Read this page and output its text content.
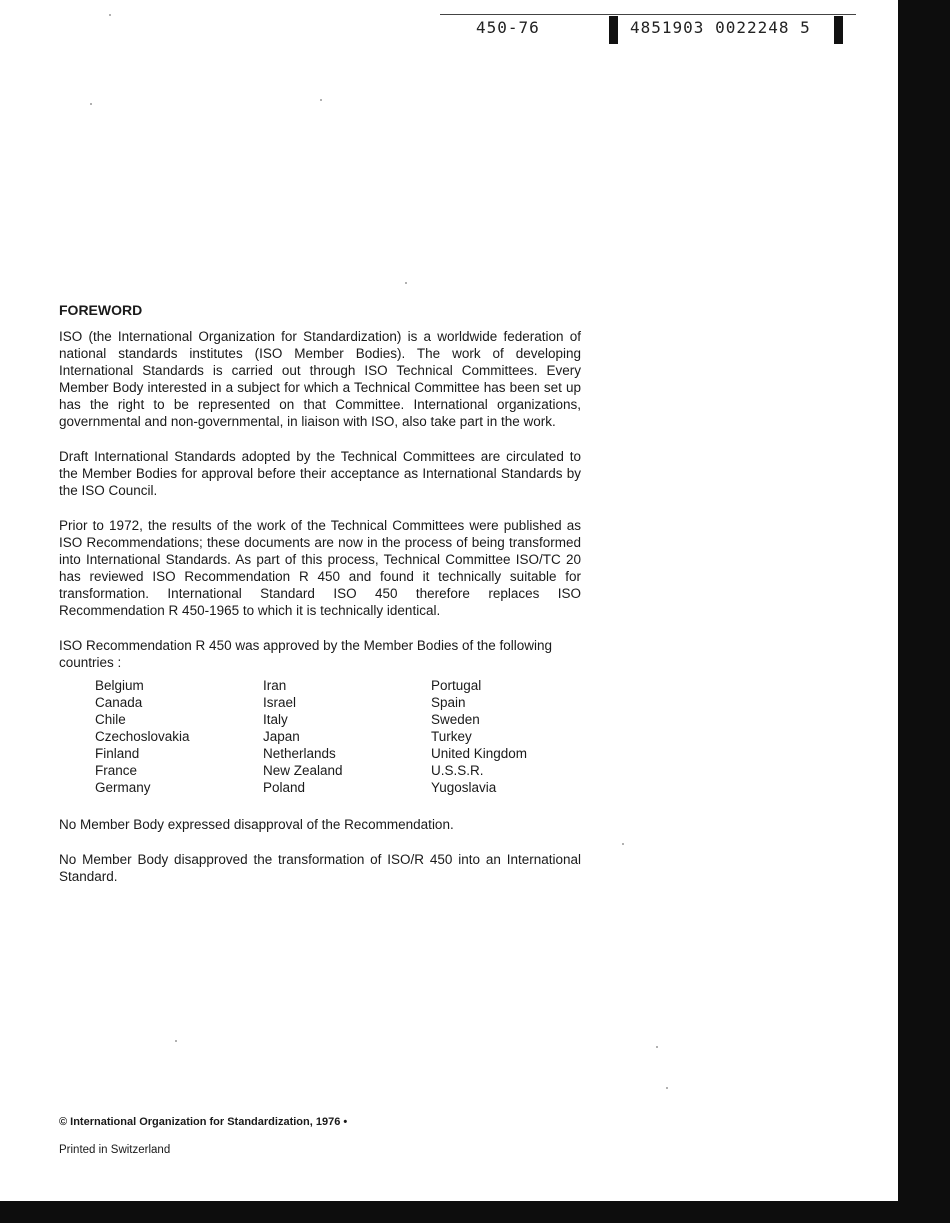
450-76	4851903 0022248 5
FOREWORD

ISO (the International Organization for Standardization) is a worldwide federation of national standards institutes (ISO Member Bodies). The work of developing International Standards is carried out through ISO Technical Committees. Every Member Body interested in a subject for which a Technical Committee has been set up has the right to be represented on that Committee. International organizations, governmental and non-governmental, in liaison with ISO, also take part in the work.

Draft International Standards adopted by the Technical Committees are circulated to the Member Bodies for approval before their acceptance as International Standards by the ISO Council.

Prior to 1972, the results of the work of the Technical Committees were published as ISO Recommendations; these documents are now in the process of being transformed into International Standards. As part of this process, Technical Committee ISO/TC 20 has reviewed ISO Recommendation R 450 and found it technically suitable for transformation. International Standard ISO 450 therefore replaces ISO Recommendation R 450-1965 to which it is technically identical.

ISO Recommendation R 450 was approved by the Member Bodies of the following countries :

Belgium	Iran	Portugal
Canada	Israel	Spain
Chile	Italy	Sweden
Czechoslovakia	Japan	Turkey
Finland	Netherlands	United Kingdom
France	New Zealand	U.S.S.R.
Germany	Poland	Yugoslavia

No Member Body expressed disapproval of the Recommendation.

No Member Body disapproved the transformation of ISO/R 450 into an International Standard.

© International Organization for Standardization, 1976 •
Printed in Switzerland
